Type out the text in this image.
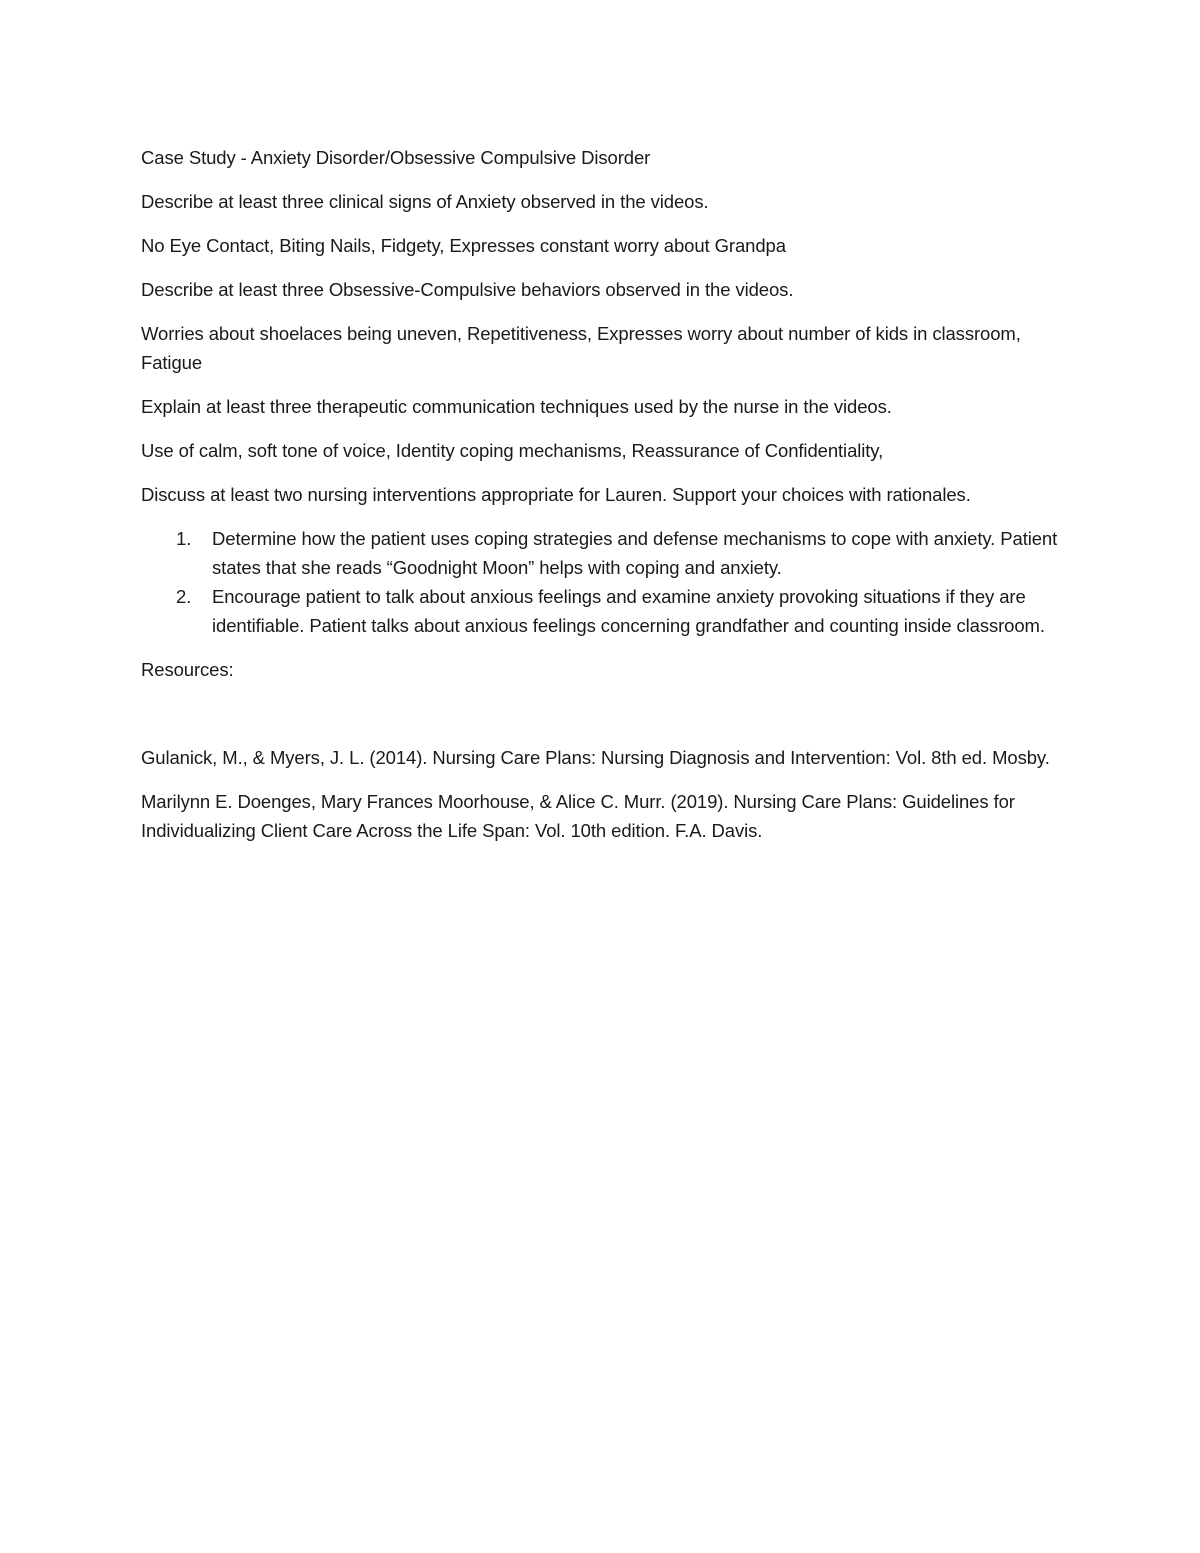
Case Study - Anxiety Disorder/Obsessive Compulsive Disorder

Describe at least three clinical signs of Anxiety observed in the videos.

No Eye Contact, Biting Nails, Fidgety, Expresses constant worry about Grandpa

Describe at least three Obsessive-Compulsive behaviors observed in the videos.

Worries about shoelaces being uneven, Repetitiveness, Expresses worry about number of kids in classroom, Fatigue

Explain at least three therapeutic communication techniques used by the nurse in the videos.

Use of calm, soft tone of voice, Identity coping mechanisms, Reassurance of Confidentiality,

Discuss at least two nursing interventions appropriate for Lauren. Support your choices with rationales.

1. Determine how the patient uses coping strategies and defense mechanisms to cope with anxiety. Patient states that she reads “Goodnight Moon” helps with coping and anxiety.
2. Encourage patient to talk about anxious feelings and examine anxiety provoking situations if they are identifiable. Patient talks about anxious feelings concerning grandfather and counting inside classroom.

Resources:

Gulanick, M., & Myers, J. L. (2014). Nursing Care Plans: Nursing Diagnosis and Intervention: Vol. 8th ed. Mosby.

Marilynn E. Doenges, Mary Frances Moorhouse, & Alice C. Murr. (2019). Nursing Care Plans: Guidelines for Individualizing Client Care Across the Life Span: Vol. 10th edition. F.A. Davis.
